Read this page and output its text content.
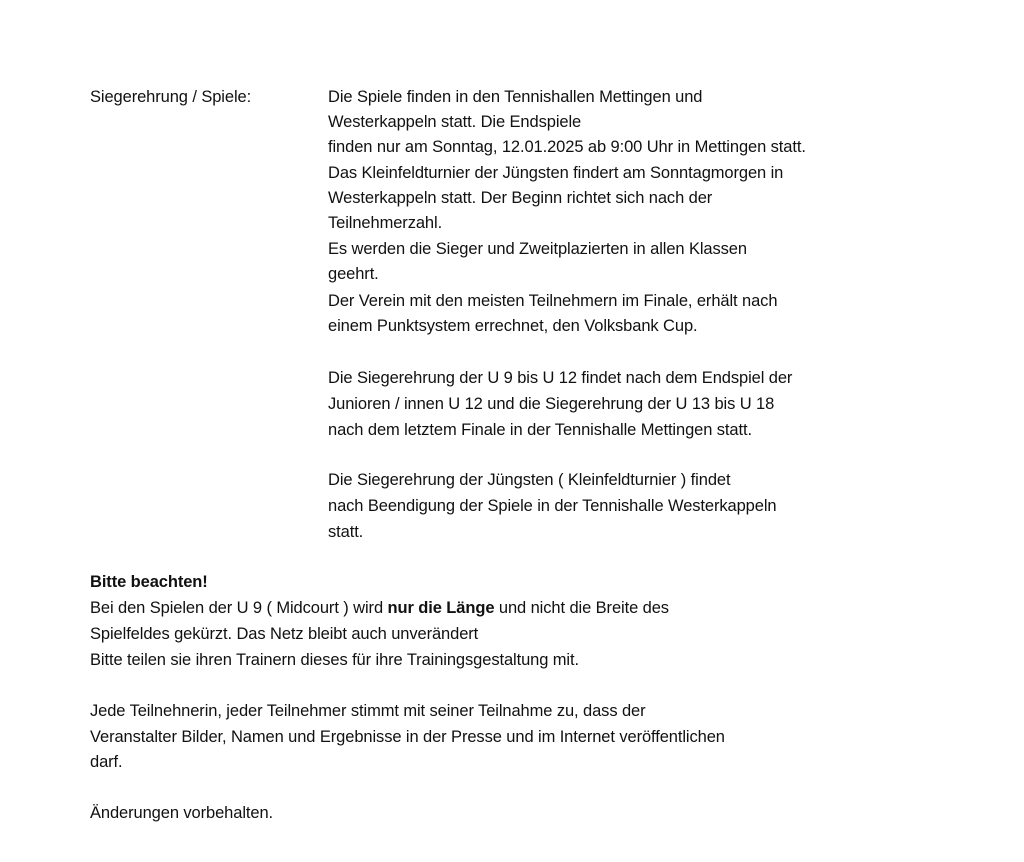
Siegerehrung / Spiele:	Die Spiele finden in den Tennishallen Mettingen und
Westerkappeln statt. Die Endspiele
finden nur am Sonntag, 12.01.2025 ab 9:00 Uhr in Mettingen statt.
Das Kleinfeldturnier der Jüngsten findert am Sonntagmorgen in
Westerkappeln statt. Der Beginn richtet sich nach der
Teilnehmerzahl.
Es werden die Sieger und Zweitplazierten in allen Klassen
geehrt.
Der Verein mit den meisten Teilnehmern im Finale, erhält nach
einem Punktsystem errechnet, den Volksbank Cup.
Die Siegerehrung der U 9 bis U 12 findet nach dem Endspiel der
Junioren / innen U 12 und die Siegerehrung der U 13 bis U 18
nach dem letztem Finale in der Tennishalle Mettingen statt.
Die Siegerehrung der Jüngsten ( Kleinfeldturnier ) findet
nach Beendigung der Spiele in der Tennishalle Westerkappeln
statt.
Bitte beachten!
Bei den Spielen der U 9 ( Midcourt ) wird nur die Länge und nicht die Breite des
Spielfeldes gekürzt. Das Netz bleibt auch unverändert
Bitte teilen sie ihren Trainern dieses für ihre Trainingsgestaltung mit.
Jede Teilnehnerin, jeder Teilnehmer stimmt mit seiner Teilnahme zu, dass der
Veranstalter Bilder, Namen und Ergebnisse in der Presse und im Internet veröffentlichen
darf.
Änderungen vorbehalten.
